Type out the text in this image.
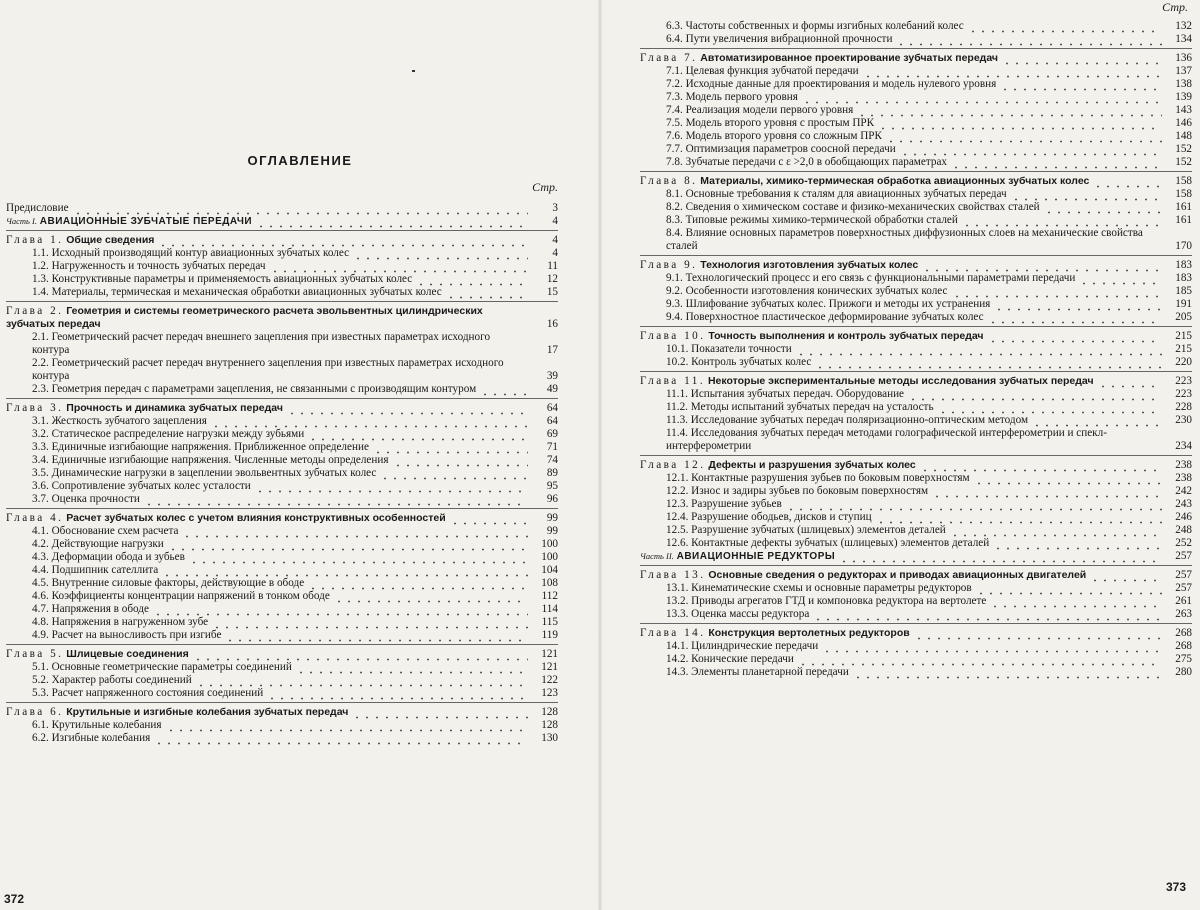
ОГЛАВЛЕНИЕ
Стр.
Предисловие	3
Часть I. АВИАЦИОННЫЕ ЗУБЧАТЫЕ ПЕРЕДАЧИ	4
Глава 1. Общие сведения	4
1.1. Исходный производящий контур авиационных зубчатых колес	4
1.2. Нагруженность и точность зубчатых передач	11
1.3. Конструктивные параметры и применяемость авиационных зубчатых колес	12
1.4. Материалы, термическая и механическая обработки авиационных зубчатых колес	15
Глава 2. Геометрия и системы геометрического расчета эвольвентных цилиндрических зубчатых передач	16
2.1. Геометрический расчет передач внешнего зацепления при известных параметрах исходного контура	17
2.2. Геометрический расчет передач внутреннего зацепления при известных параметрах исходного контура	39
2.3. Геометрия передач с параметрами зацепления, не связанными с производящим контуром	49
Глава 3. Прочность и динамика зубчатых передач	64
3.1. Жесткость зубчатого зацепления	64
3.2. Статическое распределение нагрузки между зубьями	69
3.3. Единичные изгибающие напряжения. Приближенное определение	71
3.4. Единичные изгибающие напряжения. Численные методы определения	74
3.5. Динамические нагрузки в зацеплении эвольвентных зубчатых колес	89
3.6. Сопротивление зубчатых колес усталости	95
3.7. Оценка прочности	96
Глава 4. Расчет зубчатых колес с учетом влияния конструктивных особенностей	99
4.1. Обоснование схем расчета	99
4.2. Действующие нагрузки	100
4.3. Деформации обода и зубьев	100
4.4. Подшипник сателлита	104
4.5. Внутренние силовые факторы, действующие в ободе	108
4.6. Коэффициенты концентрации напряжений в тонком ободе	112
4.7. Напряжения в ободе	114
4.8. Напряжения в нагруженном зубе	115
4.9. Расчет на выносливость при изгибе	119
Глава 5. Шлицевые соединения	121
5.1. Основные геометрические параметры соединений	121
5.2. Характер работы соединений	122
5.3. Расчет напряженного состояния соединений	123
Глава 6. Крутильные и изгибные колебания зубчатых передач	128
6.1. Крутильные колебания	128
6.2. Изгибные колебания	130
372
Стр.
6.3. Частоты собственных и формы изгибных колебаний колес	132
6.4. Пути увеличения вибрационной прочности	134
Глава 7. Автоматизированное проектирование зубчатых передач	136
7.1. Целевая функция зубчатой передачи	137
7.2. Исходные данные для проектирования и модель нулевого уровня	138
7.3. Модель первого уровня	139
7.4. Реализация модели первого уровня	143
7.5. Модель второго уровня с простым ПРК	146
7.6. Модель второго уровня со сложным ПРК	148
7.7. Оптимизация параметров соосной передачи	152
7.8. Зубчатые передачи с ε >2,0 в обобщающих параметрах	152
Глава 8. Материалы, химико-термическая обработка авиационных зубчатых колес	158
8.1. Основные требования к сталям для авиационных зубчатых передач	158
8.2. Сведения о химическом составе и физико-механических свойствах сталей	161
8.3. Типовые режимы химико-термической обработки сталей	161
8.4. Влияние основных параметров поверхностных диффузионных слоев на механические свойства сталей	170
Глава 9. Технология изготовления зубчатых колес	183
9.1. Технологический процесс и его связь с функциональными параметрами передачи	183
9.2. Особенности изготовления конических зубчатых колес	185
9.3. Шлифование зубчатых колес. Прижоги и методы их устранения	191
9.4. Поверхностное пластическое деформирование зубчатых колес	205
Глава 10. Точность выполнения и контроль зубчатых передач	215
10.1. Показатели точности	215
10.2. Контроль зубчатых колес	220
Глава 11. Некоторые экспериментальные методы исследования зубчатых передач	223
11.1. Испытания зубчатых передач. Оборудование	223
11.2. Методы испытаний зубчатых передач на усталость	228
11.3. Исследование зубчатых передач поляризационно-оптическим методом	230
11.4. Исследования зубчатых передач методами голографической интерферометрии и спекл-интерферометрии	234
Глава 12. Дефекты и разрушения зубчатых колес	238
12.1. Контактные разрушения зубьев по боковым поверхностям	238
12.2. Износ и задиры зубьев по боковым поверхностям	242
12.3. Разрушение зубьев	243
12.4. Разрушение ободьев, дисков и ступиц	246
12.5. Разрушение зубчатых (шлицевых) элементов деталей	248
12.6. Контактные дефекты зубчатых (шлицевых) элементов деталей	252
Часть II. АВИАЦИОННЫЕ РЕДУКТОРЫ	257
Глава 13. Основные сведения о редукторах и приводах авиационных двигателей	257
13.1. Кинематические схемы и основные параметры редукторов	257
13.2. Приводы агрегатов ГТД и компоновка редуктора на вертолете	261
13.3. Оценка массы редуктора	263
Глава 14. Конструкция вертолетных редукторов	268
14.1. Цилиндрические передачи	268
14.2. Конические передачи	275
14.3. Элементы планетарной передачи	280
373
